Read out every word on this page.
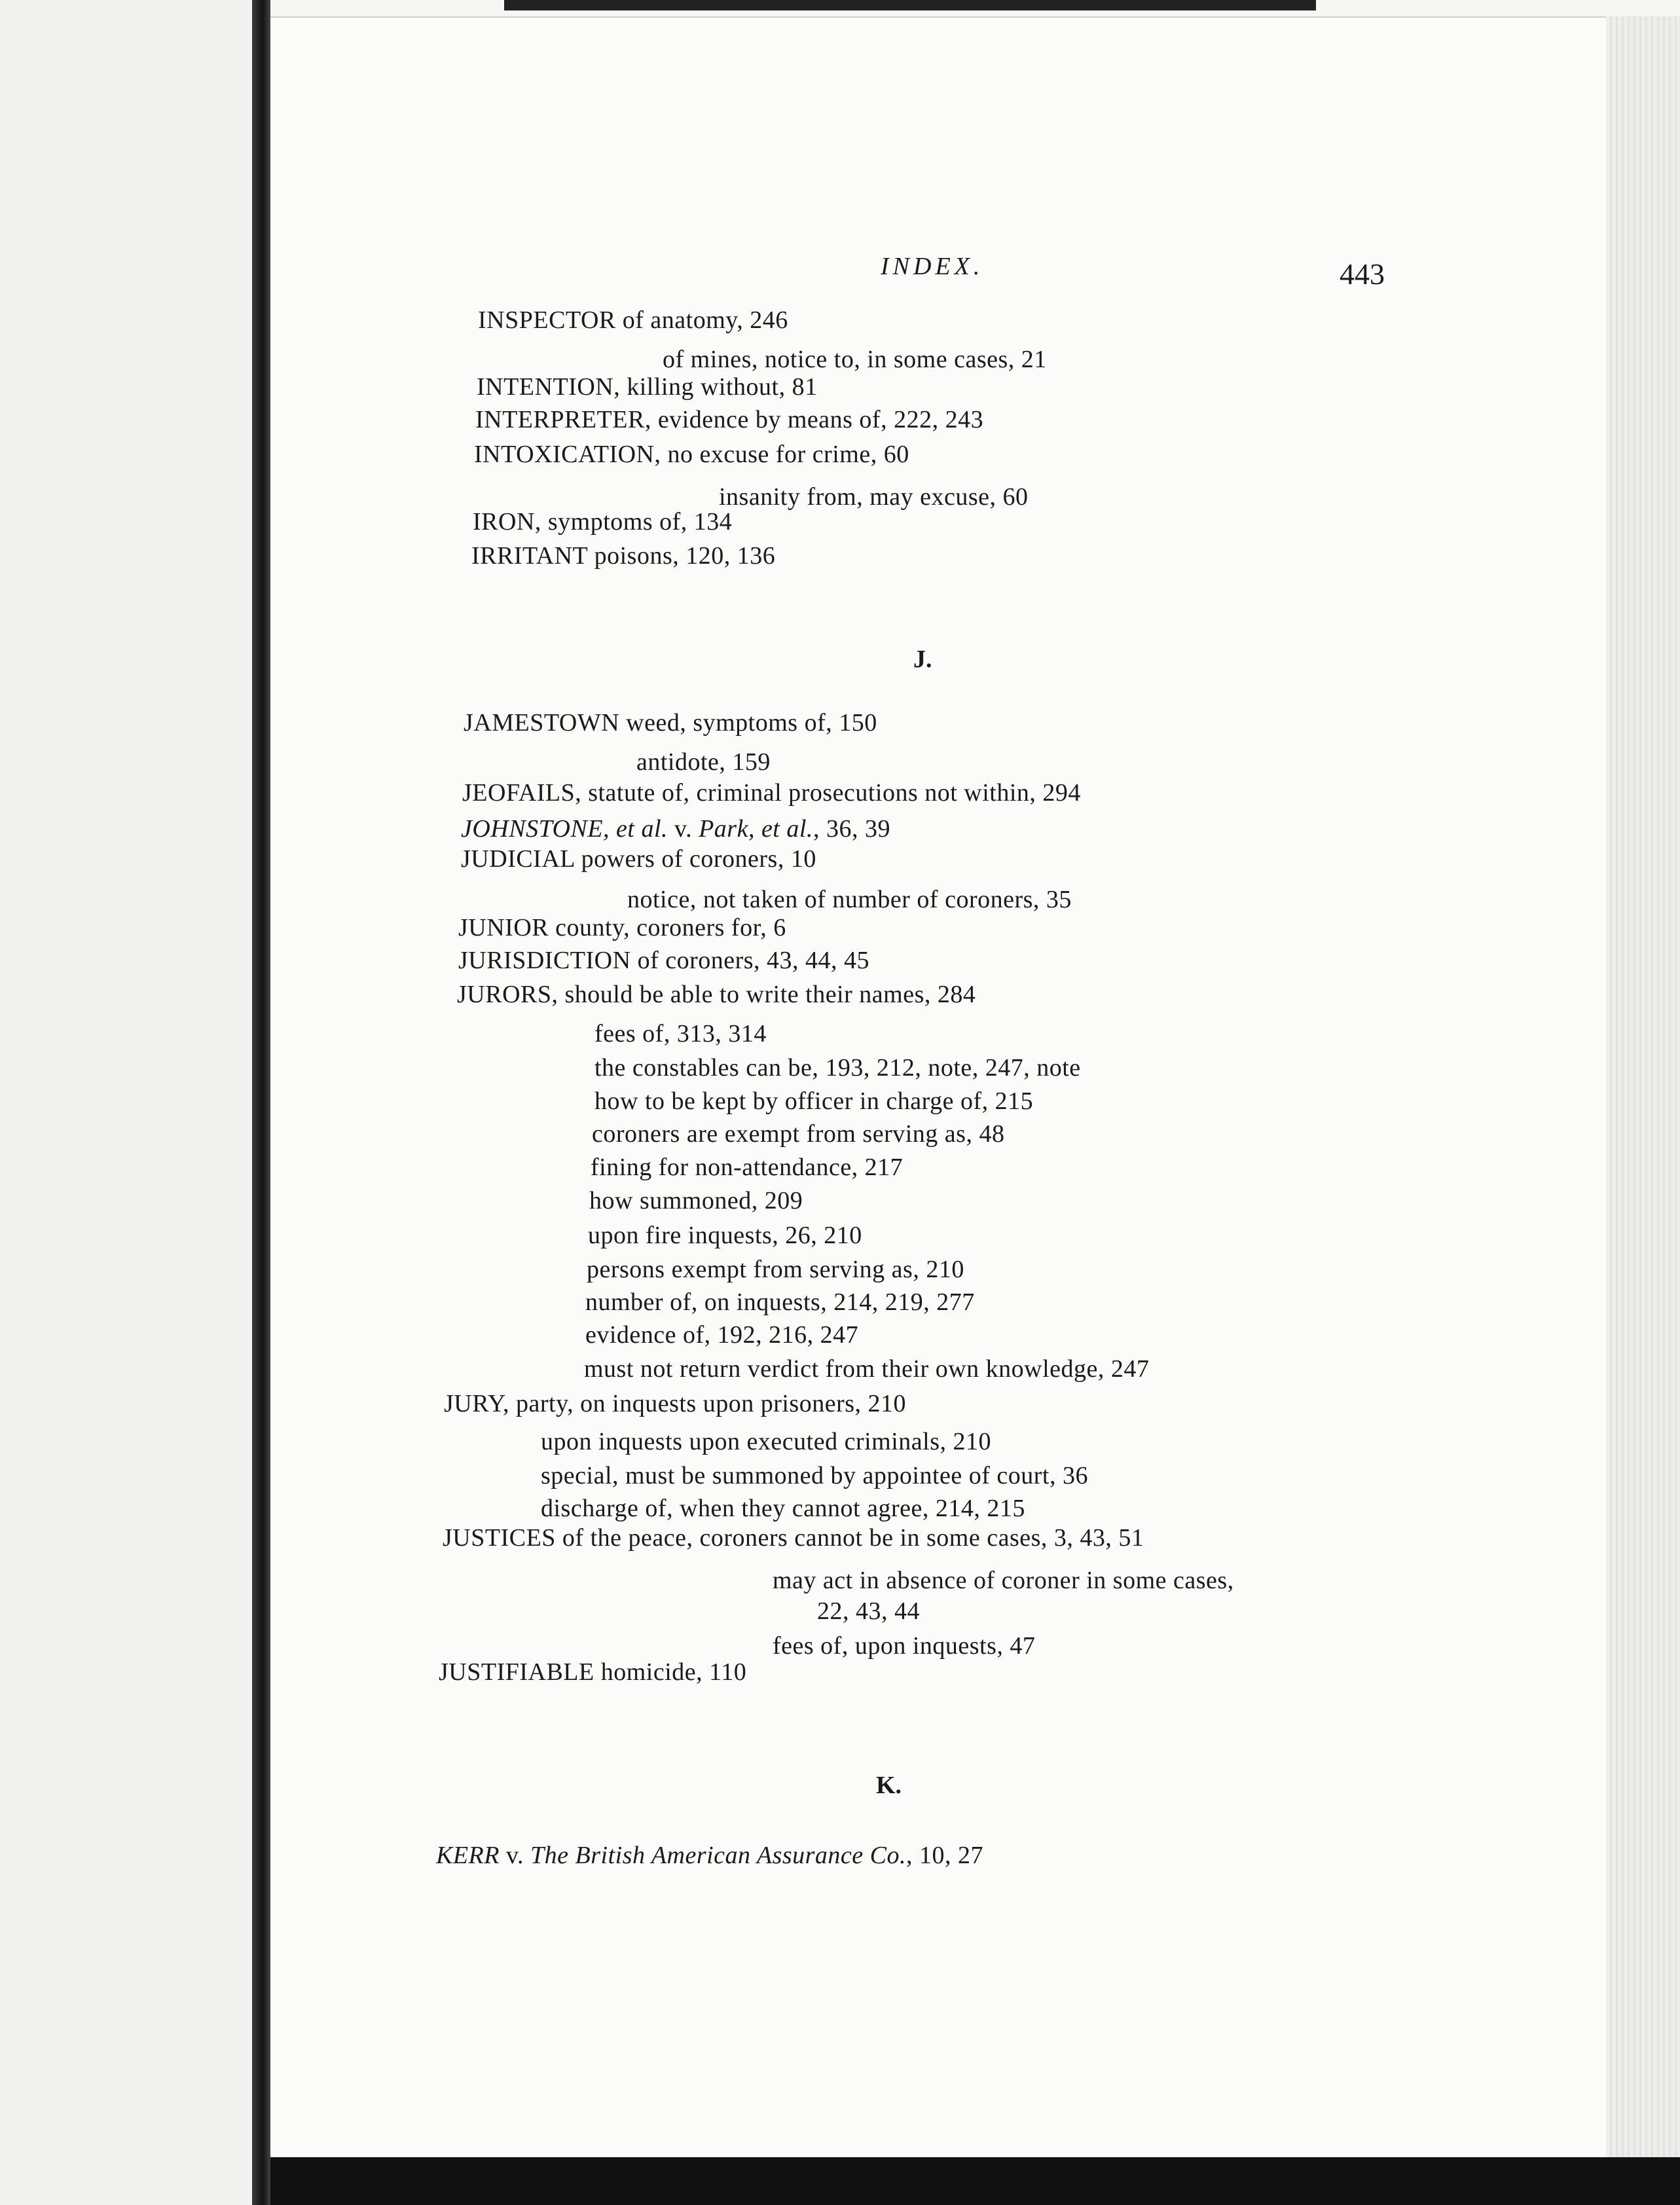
INDEX.	443
INSPECTOR of anatomy, 246
of mines, notice to, in some cases, 21
INTENTION, killing without, 81
INTERPRETER, evidence by means of, 222, 243
INTOXICATION, no excuse for crime, 60
insanity from, may excuse, 60
IRON, symptoms of, 134
IRRITANT poisons, 120, 136
J.
JAMESTOWN weed, symptoms of, 150
antidote, 159
JEOFAILS, statute of, criminal prosecutions not within, 294
JOHNSTONE, et al. v. Park, et al., 36, 39
JUDICIAL powers of coroners, 10
notice, not taken of number of coroners, 35
JUNIOR county, coroners for, 6
JURISDICTION of coroners, 43, 44, 45
JURORS, should be able to write their names, 284
fees of, 313, 314
the constables can be, 193, 212, note, 247, note
how to be kept by officer in charge of, 215
coroners are exempt from serving as, 48
fining for non-attendance, 217
how summoned, 209
upon fire inquests, 26, 210
persons exempt from serving as, 210
number of, on inquests, 214, 219, 277
evidence of, 192, 216, 247
must not return verdict from their own knowledge, 247
JURY, party, on inquests upon prisoners, 210
upon inquests upon executed criminals, 210
special, must be summoned by appointee of court, 36
discharge of, when they cannot agree, 214, 215
JUSTICES of the peace, coroners cannot be in some cases, 3, 43, 51
may act in absence of coroner in some cases,
22, 43, 44
fees of, upon inquests, 47
JUSTIFIABLE homicide, 110
K.
KERR v. The British American Assurance Co., 10, 27
